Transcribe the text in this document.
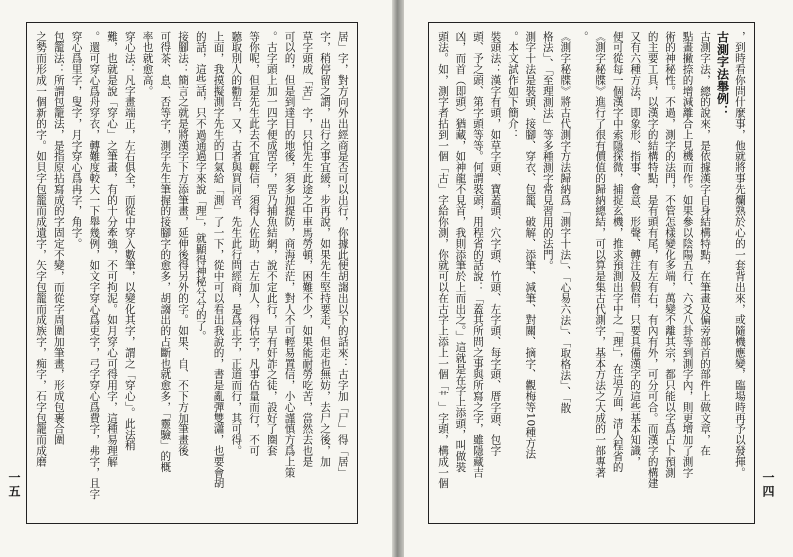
，到時看你問什麼事，他就將事先爛熟於心的一套背出來，或隨機應變，臨場時再予以發揮。
古測字法舉例：
古測字法，總的說來，是依據漢字自身結構特點，在筆畫及偏旁部首的部件上做文章，在
點畫撇捺的增減離合上見機而作。如果參以陰陽五行、六爻八卦等到測字內，則更增加了測字
術的神秘性。不過，測字的法門，不管怎樣變化多端，萬變不離其宗，都只能以字爲占卜預測
的主要工具，以漢字的結構特點，是有頭有尾，有左有右，有內有外，可分可合。而漢字的構建
又有六種方法，即象形、指事、會意、形聲、轉注及假借，只要具備漢字的這些基本知識，
便可從每一個漢字中索隱探微，捕捉玄機，推求預測出字中之「理」，在這方面，清人程省的
《測字秘牒》進行了很有價值的歸納總結，可以算是集古代測字，基本方法之大成的一部專著
。
《測字秘牒》將古代測字方法歸納爲「測字十法」、「心易六法」、「取格法」、「散
格法」、「至理測法」等多種測字常見習用的法門。
測字十法是裝頭、接腳、穿衣、包籠、破解、添筆、減筆、對關、摘字、觀梅等10種方法
。本文試作如下簡介：
裝頭法：漢字有頭，如草字頭、寶蓋頭、穴字頭、竹頭、左字頭、每字頭、厝字頭、包字
頭、予之頭、第字頭等等。何謂裝頭，用程省的話說：「蓋其所問之事與所寫之字，雖隱藏吉
凶，而首（即頭）猶藏，如神龍不見首，我則添筆於上而出之。」這就是在字上添頭，叫做裝
頭法。如，測字者拈到一個「古」字給你測，你就可以在古字上添上一個「艹」字頭，構成一個	一四
居」字，對方向外出經商是否可以出行，你據此便胡謅出以下的話來：古字加「尸」得「居」
字，稍停留之謂，出行之事宜緩，步再說，如果先生堅持要走，但走也無妨，去尸之後，加
草字頭成「苦」字，只怕先生此途之中車馬勞頓，困難不少，如果能耐勞吃苦，當然去也是
可以的，但是到達目的地後，須多加提防，商海茫茫，對人不可輕易置信，小心謹慎方爲上策
。古字頭上加一四字便成罟字，罟乃捕魚結網，說不定此行，早有奸詐之徒，設好了圈套
等你呢，但是先生此去不宜輕信，須得人佐助，古左加人，得估字，凡事估量而行，不可
聽取別人的勸告，又，古者與買同音，先生此行問經商，是爲正字，正道而行，其可得。
上面，我摸擬測字先生的口氣給「測」了一下，從中可以看出我說的，書是亂彈雙瀟，也要會胡
的話，這些話，只不過通過字來說「理」，就顯得神秘兮兮的了。
接腳法：簡言之就是將漢字下方添筆畫，延伸後得另外的字。如果、自、不下方加筆畫後
可得茶、息、否等字，測字先生筆握的接腳字的愈多，胡謅出的占斷也就愈多，「靈驗」的概
率也就愈高。
穿心法：凡字畫端正，左右俱全，而從中穿入數筆，以變化其字，謂之「穿心」。此法稍
難，也就是說「穿心」之筆畫，有的十分牽強，不可拘泥。如月穿心可得用字，這種易理解
。還可穿心爲舟穿衣，轉難度較大一下舉幾例，如文字穿心爲吏字，弓字穿心爲費字，弗字，且字
穿心爲里字，叟字，月字穿心爲冉字，角字。
包籠法：所謂包籠法，是指原拈寫成的字固定不變，而從字周圍加筆畫，形成包裹合圍
之勢而形成一個新的字。如貝字包籠而成遺字，矢字包籠而成族字，痴字，石字包籠而成磨
一五
